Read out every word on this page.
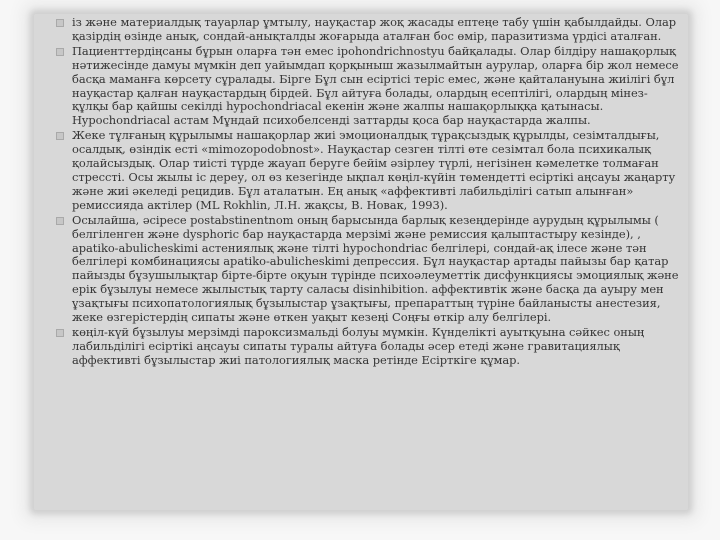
із және материалдық тауарлар ұмтылу, науқастар жоқ жасады ептеңе табу үшін қабылдайды. Олар қазірдің өзінде анық, сондай-анықталды жоғарыда аталған бос өмір, паразитизма үрдісі аталған.
Пациенттердіңсаны бұрын оларға тән емес ipohondrichnostyu байқалады. Олар білдіру нашақорлық нәтижесінде дамуы мүмкін деп уайымдап қорқыныш жазылмайтын аурулар, оларға бір жол немесе басқа маманға көрсету сұралады. Бірге Бұл сын есіртісі теріс емес, және қайталануына жиілігі бұл науқастар қалған науқастардың бірдей. Бұл айтуға болады, олардың есептілігі, олардың мінез-құлқы бар қайшы секілді hypochondriacal екенін және жалпы нашақорлыққа қатынасы. Hypochondriacal астам Мұндай психобелсенді заттарды қоса бар науқастарда жалпы.
Жеке тұлғаның құрылымы нашақорлар жиі эмоционалдық тұрақсыздық құрылды, сезімталдығы, осалдық, өзіндік есті «mimozopodobnost». Науқастар сезген тілті өте сезімтал бола психикалық қолайсыздық. Олар тиісті түрде жауап беруге бейім әзірлеу түрлі, негізінен кәмелетке толмаған стрессті. Осы жылы іс дереу, ол өз кезегінде ықпал көңіл-күйін төмендетті есіртікі аңсауы жаңарту және жиі әкеледі рецидив. Бұл аталатын. Ең анық «аффективті лабильділігі сатып алынған» ремиссияда актілер (ML Rokhlin, Л.Н. жақсы, В. Новак, 1993).
Осылайша, әсіресе postabstinentnom оның барысында барлық кезеңдерінде аурудың құрылымы ( белгіленген және dysphoric бар науқастарда мерзімі және ремиссия қалыптастыру кезінде), , apatiko-abulicheskimi астениялық және тілті hypochondriac белгілері, сондай-ақ ілесе және тән белгілері комбинациясы apatiko-abulicheskimi депрессия. Бұл науқастар артады пайызы бар қатар пайызды бұзушылықтар бірте-бірте оқуын түрінде психоәлеуметтік дисфункциясы эмоциялық және ерік бұзылуы немесе жылыстық тарту саласы disinhibition. аффективтік және басқа да ауыру мен ұзақтығы психопатологиялық бұзылыстар ұзақтығы, препараттың түріне байланысты анестезия, жеке өзгерістердің сипаты және өткен уақыт кезеңі Соңғы өткір алу белгілері.
көңіл-күй бұзылуы мерзімді пароксизмальді болуы мүмкін. Күнделікті ауытқуына сәйкес оның лабильділігі есіртікі аңсауы сипаты туралы айтуға болады әсер етеді және гравитациялық аффективті бұзылыстар жиі патологиялық маска ретінде Есірткіге құмар.
